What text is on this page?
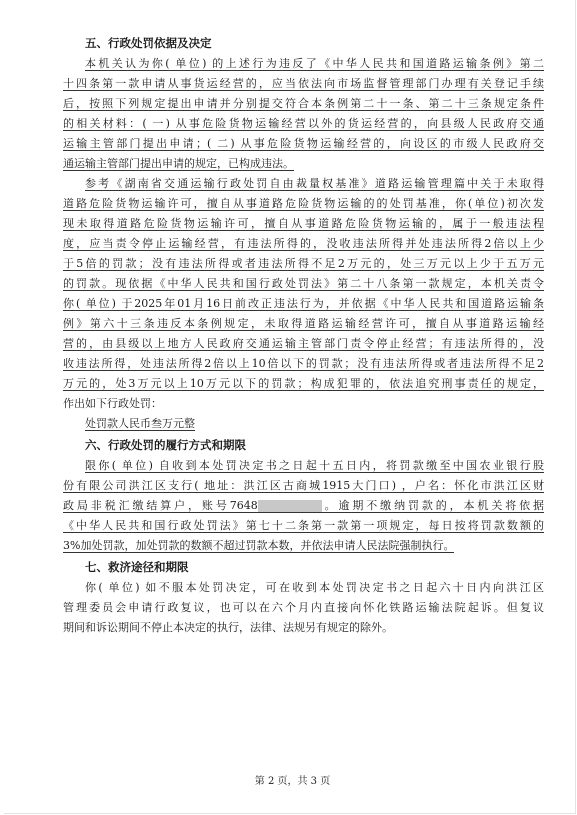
五、行政处罚依据及决定

本机关认为你( 单位) 的上述行为违反了《中华人民共和国道路运输条例》第二

十四条第一款申请从事货运经营的，应当依法向市场监督管理部门办理有关登记手续

后，按照下列规定提出申请并分别提交符合本条例第二十一条、第二十三条规定条件

的相关材料：( 一) 从事危险货物运输经营以外的货运经营的，向县级人民政府交通

运输主管部门提出申请；( 二) 从事危险货物运输经营的，向设区的市级人民政府交

通运输主管部门提出申请的规定，已构成违法。

参考《湖南省交通运输行政处罚自由裁量权基准》道路运输管理篇中关于未取得

道路危险货物运输许可，擅自从事道路危险货物运输的的处罚基准，你(单位)初次发

现未取得道路危险货物运输许可，擅自从事道路危险货物运输的，属于一般违法程

度，应当责令停止运输经营，有违法所得的，没收违法所得并处违法所得2倍以上少

于5倍的罚款；没有违法所得或者违法所得不足2万元的，处三万元以上少于五万元

的罚款。现依据《中华人民共和国行政处罚法》第二十八条第一款规定，本机关责令

你( 单位) 于2025年01月16日前改正违法行为，并依据《中华人民共和国道路运输条

例》第六十三条违反本条例规定，未取得道路运输经营许可，擅自从事道路运输经

营的，由县级以上地方人民政府交通运输主管部门责令停止经营；有违法所得的，没

收违法所得，处违法所得2倍以上10倍以下的罚款；没有违法所得或者违法所得不足2

万元的，处3万元以上10万元以下的罚款；构成犯罪的，依法追究刑事责任的规定，

作出如下行政处罚：

处罚款人民币叁万元整

六、行政处罚的履行方式和期限

限你( 单位) 自收到本处罚决定书之日起十五日内，将罚款缴至中国农业银行股

份有限公司洪江区支行( 地址：洪江区古商城1915大门口) ，户名：怀化市洪江区财

政局非税汇缴结算户，账号7648	。逾期不缴纳罚款的，本机关将依据

《中华人民共和国行政处罚法》第七十二条第一款第一项规定，每日按将罚款数额的

3%加处罚款，加处罚款的数额不超过罚款本数，并依法申请人民法院强制执行。

七、救济途径和期限

你( 单位) 如不服本处罚决定，可在收到本处罚决定书之日起六十日内向洪江区

管理委员会申请行政复议，也可以在六个月内直接向怀化铁路运输法院起诉。但复议

期间和诉讼期间不停止本决定的执行，法律、法规另有规定的除外。

第 2 页，共 3 页
